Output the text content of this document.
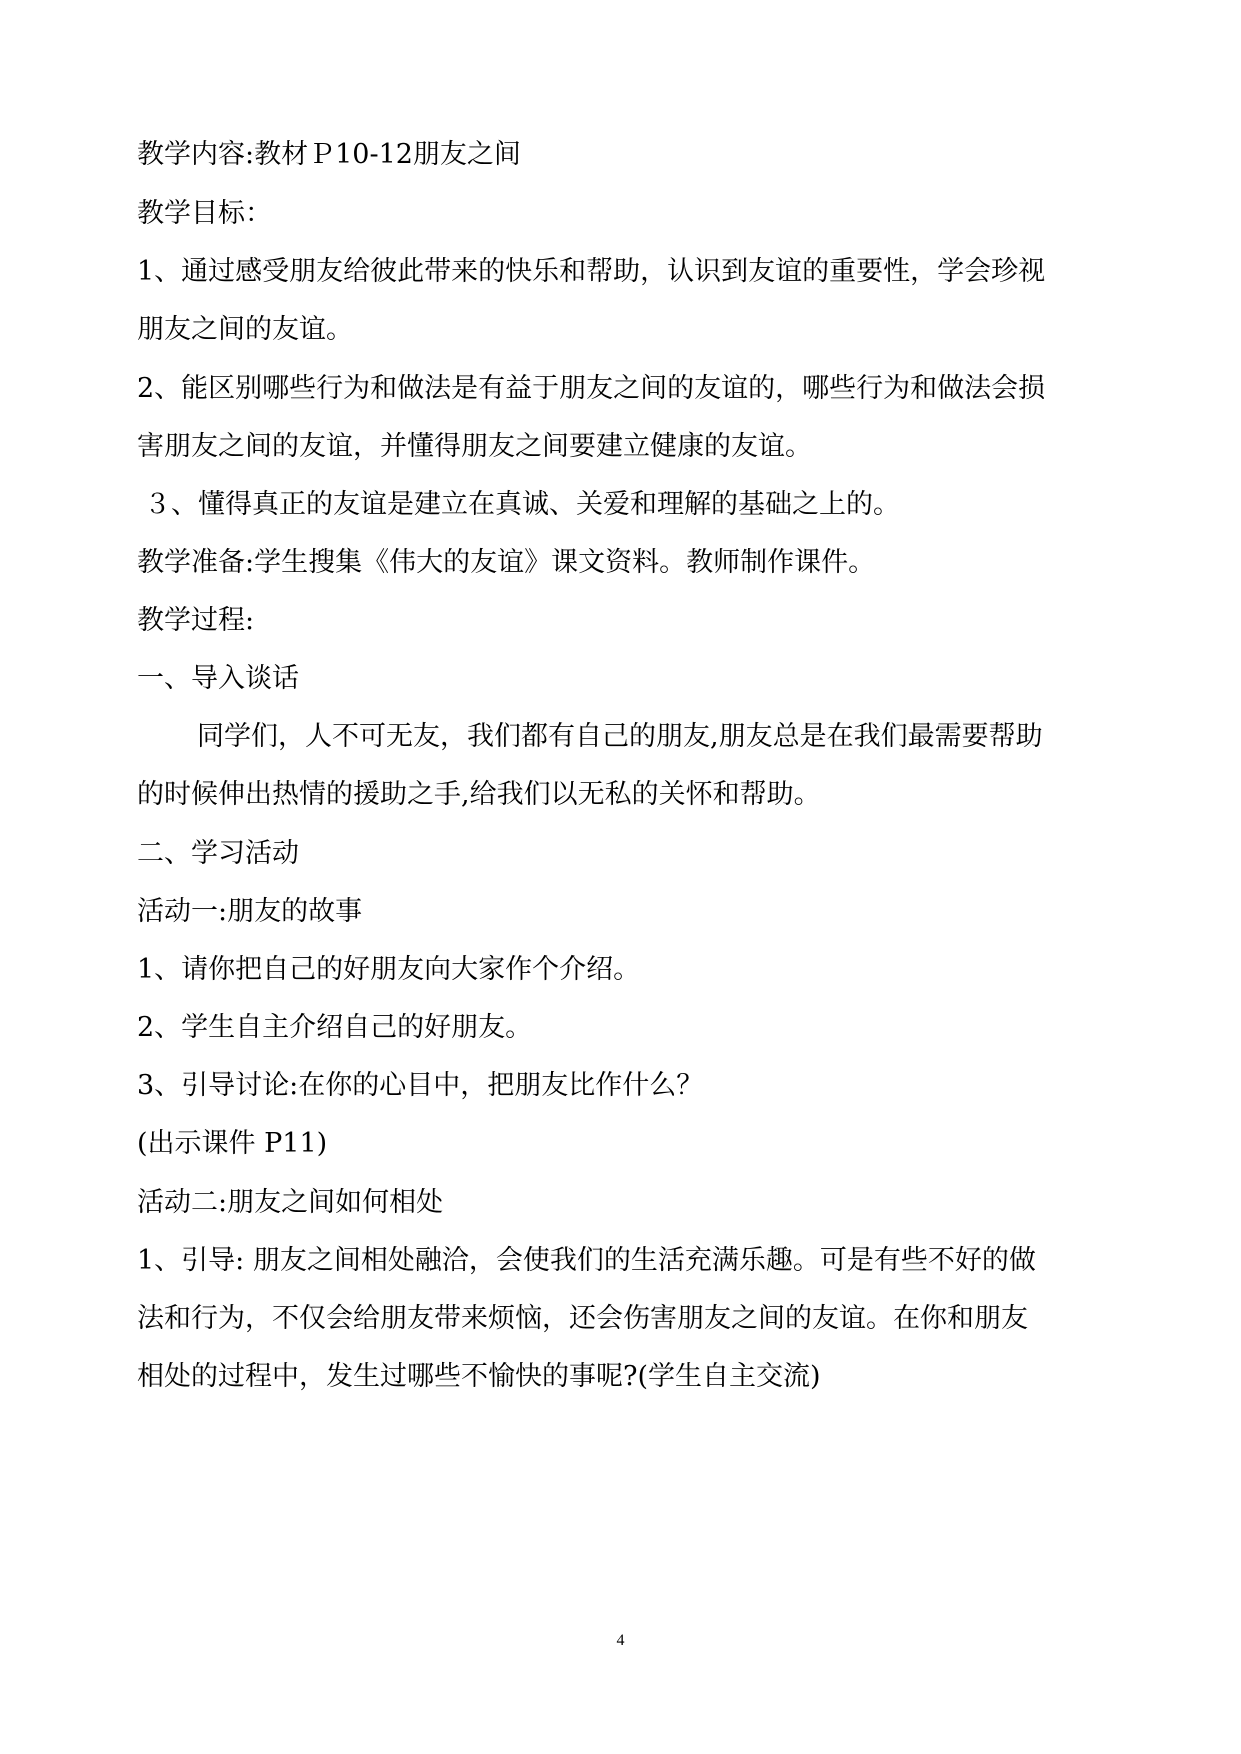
教学内容:教材Ｐ10-12朋友之间
教学目标：
1、通过感受朋友给彼此带来的快乐和帮助，认识到友谊的重要性，学会珍视
朋友之间的友谊。
2、能区别哪些行为和做法是有益于朋友之间的友谊的，哪些行为和做法会损
害朋友之间的友谊，并懂得朋友之间要建立健康的友谊。
３、懂得真正的友谊是建立在真诚、关爱和理解的基础之上的。
教学准备:学生搜集《伟大的友谊》课文资料。教师制作课件。
教学过程:
一、导入谈话
同学们，人不可无友，我们都有自己的朋友,朋友总是在我们最需要帮助
的时候伸出热情的援助之手,给我们以无私的关怀和帮助。
二、学习活动
活动一:朋友的故事
1、请你把自己的好朋友向大家作个介绍。
2、学生自主介绍自己的好朋友。
3、引导讨论:在你的心目中，把朋友比作什么？
(出示课件 P11)
活动二:朋友之间如何相处
1、引导: 朋友之间相处融洽，会使我们的生活充满乐趣。可是有些不好的做
法和行为，不仅会给朋友带来烦恼，还会伤害朋友之间的友谊。在你和朋友
相处的过程中，发生过哪些不愉快的事呢?(学生自主交流)
4
